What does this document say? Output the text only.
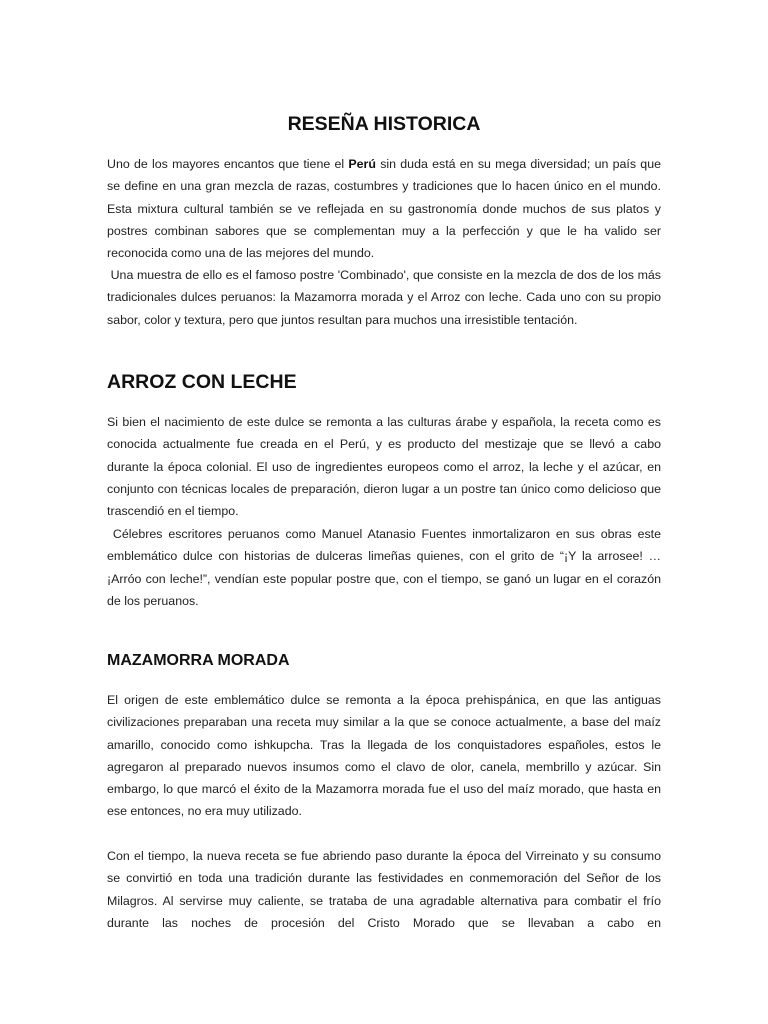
RESEÑA HISTORICA

Uno de los mayores encantos que tiene el Perú sin duda está en su mega diversidad; un país que se define en una gran mezcla de razas, costumbres y tradiciones que lo hacen único en el mundo. Esta mixtura cultural también se ve reflejada en su gastronomía donde muchos de sus platos y postres combinan sabores que se complementan muy a la perfección y que le ha valido ser reconocida como una de las mejores del mundo.

Una muestra de ello es el famoso postre 'Combinado', que consiste en la mezcla de dos de los más tradicionales dulces peruanos: la Mazamorra morada y el Arroz con leche. Cada uno con su propio sabor, color y textura, pero que juntos resultan para muchos una irresistible tentación.

ARROZ CON LECHE

Si bien el nacimiento de este dulce se remonta a las culturas árabe y española, la receta como es conocida actualmente fue creada en el Perú, y es producto del mestizaje que se llevó a cabo durante la época colonial. El uso de ingredientes europeos como el arroz, la leche y el azúcar, en conjunto con técnicas locales de preparación, dieron lugar a un postre tan único como delicioso que trascendió en el tiempo.

Célebres escritores peruanos como Manuel Atanasio Fuentes inmortalizaron en sus obras este emblemático dulce con historias de dulceras limeñas quienes, con el grito de “¡Y la arrosee! … ¡Arróo con leche!”, vendían este popular postre que, con el tiempo, se ganó un lugar en el corazón de los peruanos.

MAZAMORRA MORADA

El origen de este emblemático dulce se remonta a la época prehispánica, en que las antiguas civilizaciones preparaban una receta muy similar a la que se conoce actualmente, a base del maíz amarillo, conocido como ishkupcha. Tras la llegada de los conquistadores españoles, estos le agregaron al preparado nuevos insumos como el clavo de olor, canela, membrillo y azúcar. Sin embargo, lo que marcó el éxito de la Mazamorra morada fue el uso del maíz morado, que hasta en ese entonces, no era muy utilizado.

Con el tiempo, la nueva receta se fue abriendo paso durante la época del Virreinato y su consumo se convirtió en toda una tradición durante las festividades en conmemoración del Señor de los Milagros. Al servirse muy caliente, se trataba de una agradable alternativa para combatir el frío durante las noches de procesión del Cristo Morado que se llevaban a cabo en
